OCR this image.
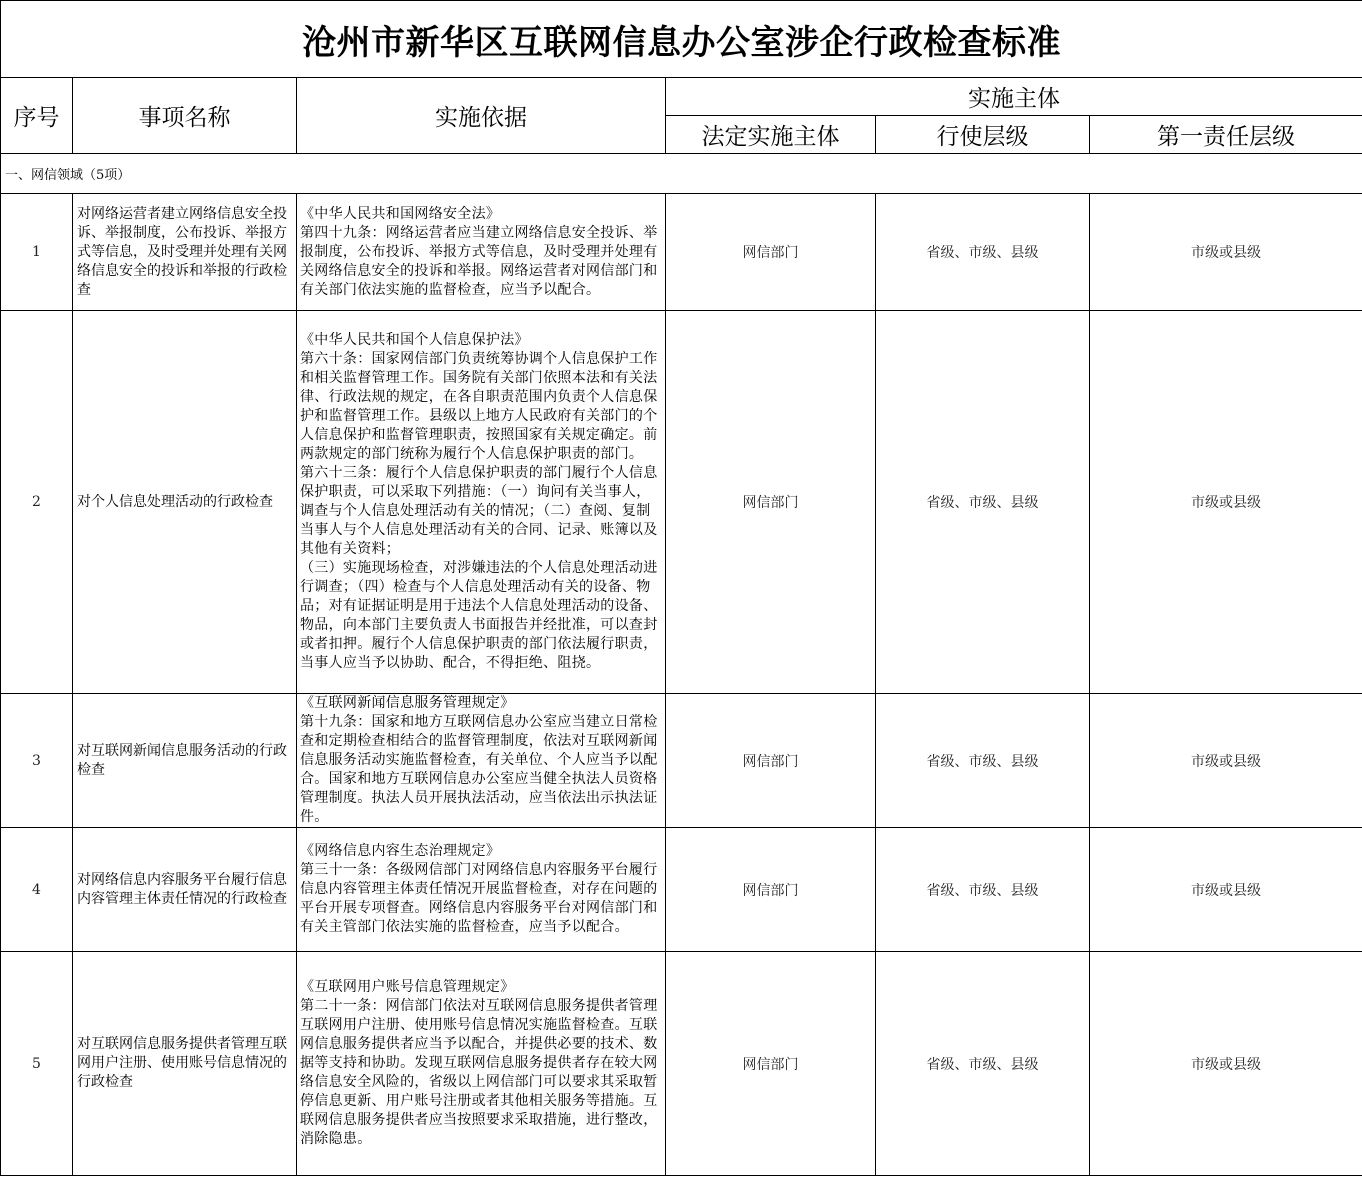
沧州市新华区互联网信息办公室涉企行政检查标准					
序号	事项名称	实施依据	实施主体		
			法定实施主体	行使层级	第一责任层级
一、网信领域（5项）					
1	对网络运营者建立网络信息安全投诉、举报制度，公布投诉、举报方式等信息，及时受理并处理有关网络信息安全的投诉和举报的行政检查	《中华人民共和国网络安全法》
第四十九条：网络运营者应当建立网络信息安全投诉、举报制度，公布投诉、举报方式等信息，及时受理并处理有关网络信息安全的投诉和举报。网络运营者对网信部门和有关部门依法实施的监督检查，应当予以配合。	网信部门	省级、市级、县级	市级或县级
2	对个人信息处理活动的行政检查	《中华人民共和国个人信息保护法》
第六十条：国家网信部门负责统筹协调个人信息保护工作和相关监督管理工作。国务院有关部门依照本法和有关法律、行政法规的规定，在各自职责范围内负责个人信息保护和监督管理工作。县级以上地方人民政府有关部门的个人信息保护和监督管理职责，按照国家有关规定确定。前两款规定的部门统称为履行个人信息保护职责的部门。
第六十三条：履行个人信息保护职责的部门履行个人信息保护职责，可以采取下列措施：（一）询问有关当事人，调查与个人信息处理活动有关的情况；（二）查阅、复制当事人与个人信息处理活动有关的合同、记录、账簿以及其他有关资料；
（三）实施现场检查，对涉嫌违法的个人信息处理活动进行调查；（四）检查与个人信息处理活动有关的设备、物品；对有证据证明是用于违法个人信息处理活动的设备、物品，向本部门主要负责人书面报告并经批准，可以查封或者扣押。履行个人信息保护职责的部门依法履行职责，当事人应当予以协助、配合，不得拒绝、阻挠。	网信部门	省级、市级、县级	市级或县级
3	对互联网新闻信息服务活动的行政检查	《互联网新闻信息服务管理规定》
第十九条：国家和地方互联网信息办公室应当建立日常检查和定期检查相结合的监督管理制度，依法对互联网新闻信息服务活动实施监督检查，有关单位、个人应当予以配合。国家和地方互联网信息办公室应当健全执法人员资格管理制度。执法人员开展执法活动，应当依法出示执法证件。	网信部门	省级、市级、县级	市级或县级
4	对网络信息内容服务平台履行信息内容管理主体责任情况的行政检查	《网络信息内容生态治理规定》
第三十一条：各级网信部门对网络信息内容服务平台履行信息内容管理主体责任情况开展监督检查，对存在问题的平台开展专项督查。网络信息内容服务平台对网信部门和有关主管部门依法实施的监督检查，应当予以配合。	网信部门	省级、市级、县级	市级或县级
5	对互联网信息服务提供者管理互联网用户注册、使用账号信息情况的行政检查	《互联网用户账号信息管理规定》
第二十一条：网信部门依法对互联网信息服务提供者管理互联网用户注册、使用账号信息情况实施监督检查。互联网信息服务提供者应当予以配合，并提供必要的技术、数据等支持和协助。发现互联网信息服务提供者存在较大网络信息安全风险的，省级以上网信部门可以要求其采取暂停信息更新、用户账号注册或者其他相关服务等措施。互联网信息服务提供者应当按照要求采取措施，进行整改，消除隐患。	网信部门	省级、市级、县级	市级或县级
